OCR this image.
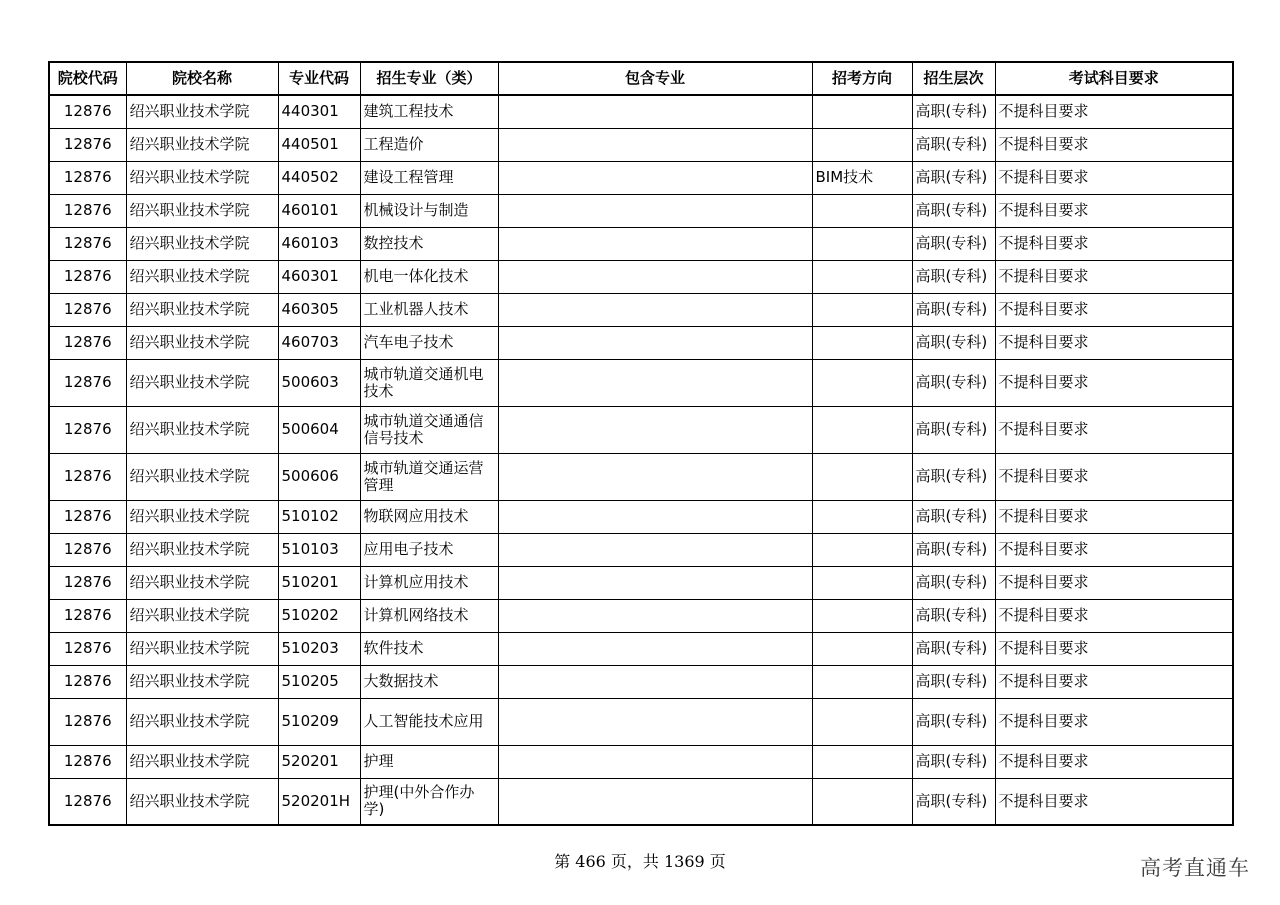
院校代码	院校名称	专业代码	招生专业（类）	包含专业	招考方向	招生层次	考试科目要求
12876	绍兴职业技术学院	440301	建筑工程技术			高职(专科)	不提科目要求
12876	绍兴职业技术学院	440501	工程造价			高职(专科)	不提科目要求
12876	绍兴职业技术学院	440502	建设工程管理		BIM技术	高职(专科)	不提科目要求
12876	绍兴职业技术学院	460101	机械设计与制造			高职(专科)	不提科目要求
12876	绍兴职业技术学院	460103	数控技术			高职(专科)	不提科目要求
12876	绍兴职业技术学院	460301	机电一体化技术			高职(专科)	不提科目要求
12876	绍兴职业技术学院	460305	工业机器人技术			高职(专科)	不提科目要求
12876	绍兴职业技术学院	460703	汽车电子技术			高职(专科)	不提科目要求
12876	绍兴职业技术学院	500603	城市轨道交通机电技术			高职(专科)	不提科目要求
12876	绍兴职业技术学院	500604	城市轨道交通通信信号技术			高职(专科)	不提科目要求
12876	绍兴职业技术学院	500606	城市轨道交通运营管理			高职(专科)	不提科目要求
12876	绍兴职业技术学院	510102	物联网应用技术			高职(专科)	不提科目要求
12876	绍兴职业技术学院	510103	应用电子技术			高职(专科)	不提科目要求
12876	绍兴职业技术学院	510201	计算机应用技术			高职(专科)	不提科目要求
12876	绍兴职业技术学院	510202	计算机网络技术			高职(专科)	不提科目要求
12876	绍兴职业技术学院	510203	软件技术			高职(专科)	不提科目要求
12876	绍兴职业技术学院	510205	大数据技术			高职(专科)	不提科目要求
12876	绍兴职业技术学院	510209	人工智能技术应用			高职(专科)	不提科目要求
12876	绍兴职业技术学院	520201	护理			高职(专科)	不提科目要求
12876	绍兴职业技术学院	520201H	护理(中外合作办学)			高职(专科)	不提科目要求
第 466 页，共 1369 页	高考直通车
